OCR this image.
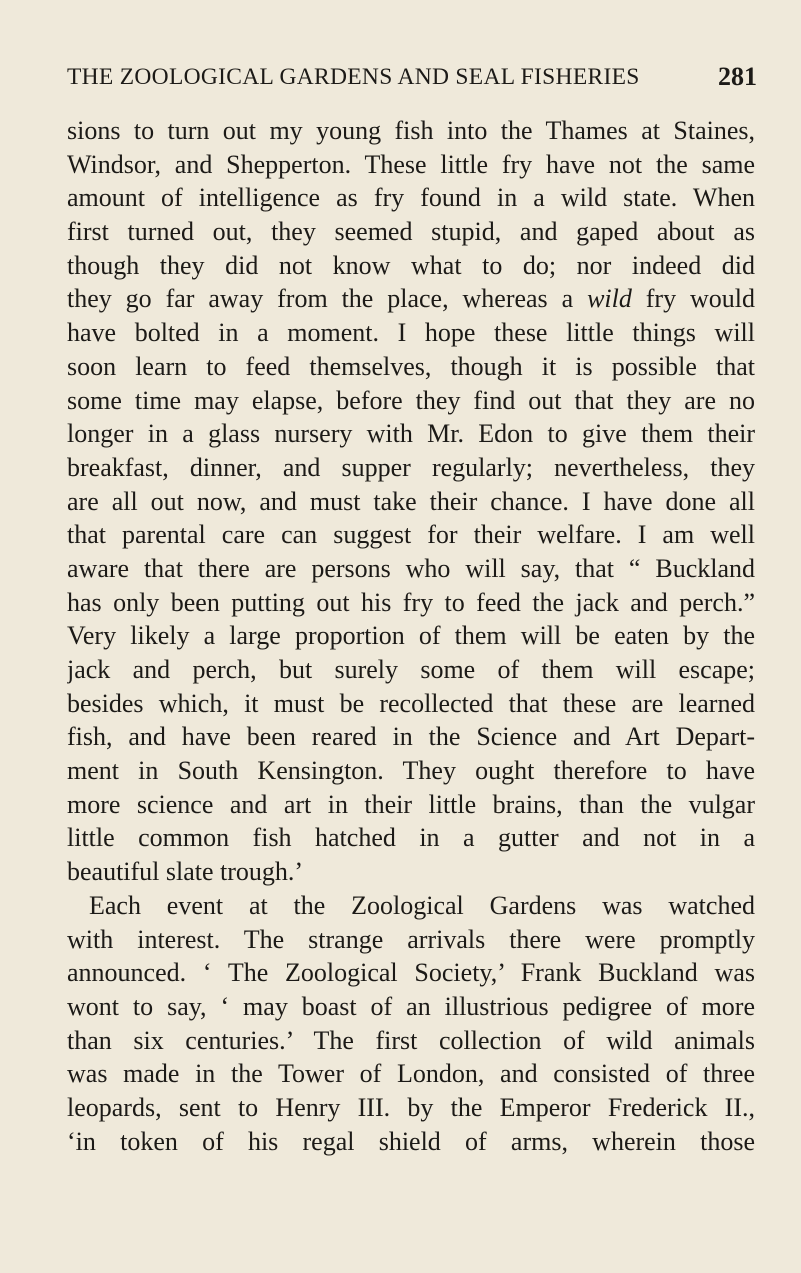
THE ZOOLOGICAL GARDENS AND SEAL FISHERIES	281
sions to turn out my young fish into the Thames at Staines,
Windsor, and Shepperton. These little fry have not the same
amount of intelligence as fry found in a wild state. When
first turned out, they seemed stupid, and gaped about as
though they did not know what to do; nor indeed did
they go far away from the place, whereas a wild fry would
have bolted in a moment. I hope these little things will
soon learn to feed themselves, though it is possible that
some time may elapse, before they find out that they are no
longer in a glass nursery with Mr. Edon to give them their
breakfast, dinner, and supper regularly; nevertheless, they
are all out now, and must take their chance. I have done all
that parental care can suggest for their welfare. I am well
aware that there are persons who will say, that “ Buckland
has only been putting out his fry to feed the jack and perch.”
Very likely a large proportion of them will be eaten by the
jack and perch, but surely some of them will escape;
besides which, it must be recollected that these are learned
fish, and have been reared in the Science and Art Depart-
ment in South Kensington. They ought therefore to have
more science and art in their little brains, than the vulgar
little common fish hatched in a gutter and not in a
beautiful slate trough.’
Each event at the Zoological Gardens was watched
with interest. The strange arrivals there were promptly
announced. ‘ The Zoological Society,’ Frank Buckland was
wont to say, ‘ may boast of an illustrious pedigree of more
than six centuries.’ The first collection of wild animals
was made in the Tower of London, and consisted of three
leopards, sent to Henry III. by the Emperor Frederick II.,
‘in token of his regal shield of arms, wherein those
